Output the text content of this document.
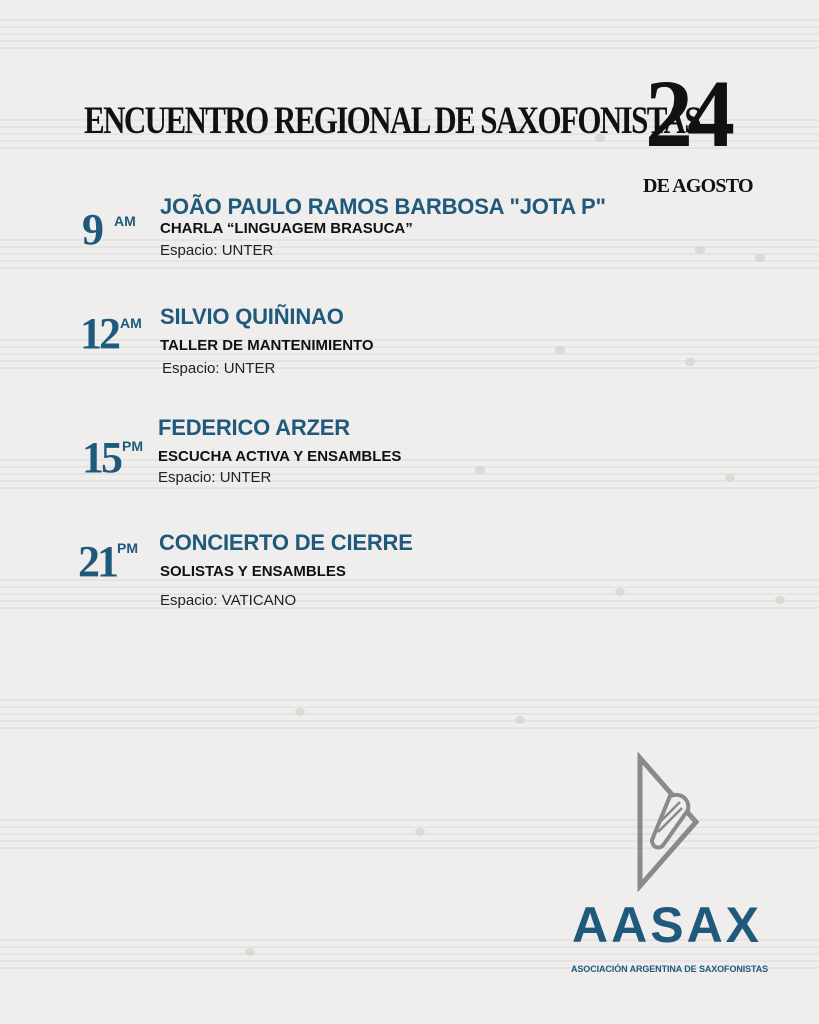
ENCUENTRO REGIONAL DE SAXOFONISTAS
24
DE AGOSTO
9 AM
JOÃO PAULO RAMOS BARBOSA "JOTA P"
CHARLA “LINGUAGEM BRASUCA”
Espacio: UNTER
12 AM SILVIO QUIÑINAO
TALLER DE MANTENIMIENTO
Espacio: UNTER
15 PM
FEDERICO ARZER
ESCUCHA ACTIVA Y ENSAMBLES
Espacio: UNTER
21 PM CONCIERTO DE CIERRE
SOLISTAS Y ENSAMBLES
Espacio: VATICANO
AASAX
ASOCIACIÓN ARGENTINA DE SAXOFONISTAS
